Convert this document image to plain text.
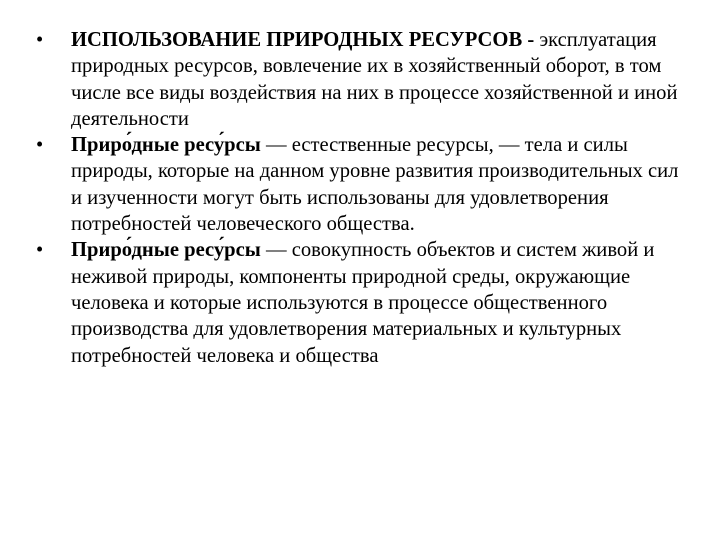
•	ИСПОЛЬЗОВАНИЕ ПРИРОДНЫХ РЕСУРСОВ - эксплуатация природных ресурсов, вовлечение их в хозяйственный оборот, в том числе все виды воздействия на них в процессе хозяйственной и иной деятельности
•	Приро́дные ресу́рсы — естественные ресурсы, — тела и силы природы, которые на данном уровне развития производительных сил и изученности могут быть использованы для удовлетворения потребностей человеческого общества.
•	Приро́дные ресу́рсы — совокупность объектов и систем живой и неживой природы, компоненты природной среды, окружающие человека и которые используются в процессе общественного производства для удовлетворения материальных и культурных потребностей человека и общества
